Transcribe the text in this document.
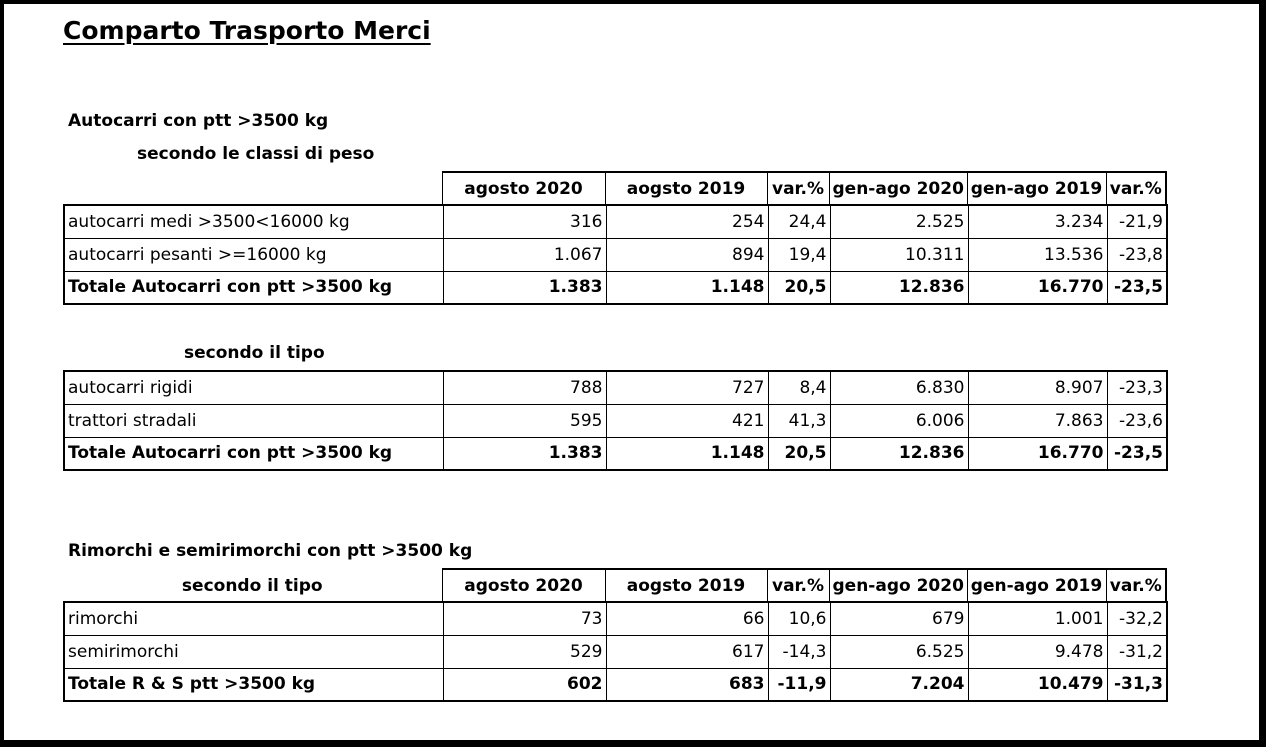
Comparto Trasporto Merci
Autocarri con ptt >3500 kg
secondo le classi di peso
	agosto 2020	aogsto 2019	var.%	gen-ago 2020	gen-ago 2019	var.%
autocarri medi >3500<16000 kg	316	254	24,4	2.525	3.234	-21,9
autocarri pesanti >=16000 kg	1.067	894	19,4	10.311	13.536	-23,8
Totale Autocarri con ptt >3500 kg	1.383	1.148	20,5	12.836	16.770	-23,5
secondo il tipo
autocarri rigidi	788	727	8,4	6.830	8.907	-23,3
trattori stradali	595	421	41,3	6.006	7.863	-23,6
Totale Autocarri con ptt >3500 kg	1.383	1.148	20,5	12.836	16.770	-23,5
Rimorchi e semirimorchi con ptt >3500 kg
secondo il tipo	agosto 2020	aogsto 2019	var.%	gen-ago 2020	gen-ago 2019	var.%
rimorchi	73	66	10,6	679	1.001	-32,2
semirimorchi	529	617	-14,3	6.525	9.478	-31,2
Totale R & S ptt >3500 kg	602	683	-11,9	7.204	10.479	-31,3
